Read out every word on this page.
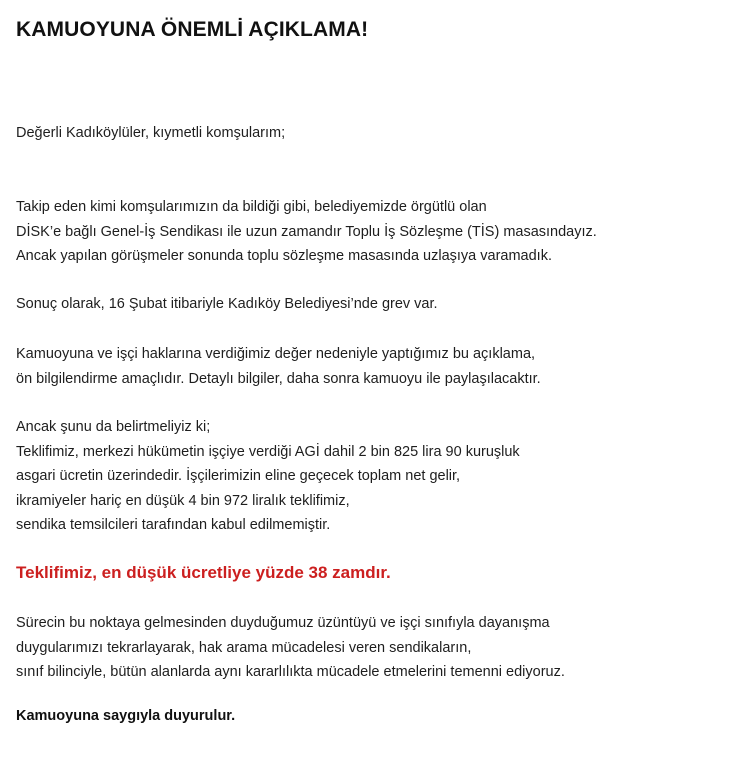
KAMUOYUNA ÖNEMLİ AÇIKLAMA!

Değerli Kadıköylüler, kıymetli komşularım;

Takip eden kimi komşularımızın da bildiği gibi, belediyemizde örgütlü olan
DİSK’e bağlı Genel-İş Sendikası ile uzun zamandır Toplu İş Sözleşme (TİS) masasındayız.
Ancak yapılan görüşmeler sonunda toplu sözleşme masasında uzlaşıya varamadık.

Sonuç olarak, 16 Şubat itibariyle Kadıköy Belediyesi’nde grev var.

Kamuoyuna ve işçi haklarına verdiğimiz değer nedeniyle yaptığımız bu açıklama,
ön bilgilendirme amaçlıdır. Detaylı bilgiler, daha sonra kamuoyu ile paylaşılacaktır.

Ancak şunu da belirtmeliyiz ki;
Teklifimiz, merkezi hükümetin işçiye verdiği AGİ dahil 2 bin 825 lira 90 kuruşluk
asgari ücretin üzerindedir. İşçilerimizin eline geçecek toplam net gelir,
ikramiyeler hariç en düşük 4 bin 972 liralık teklifimiz,
sendika temsilcileri tarafından kabul edilmemiştir.

Teklifimiz, en düşük ücretliye yüzde 38 zamdır.

Sürecin bu noktaya gelmesinden duyduğumuz üzüntüyü ve işçi sınıfıyla dayanışma
duygularımızı tekrarlayarak, hak arama mücadelesi veren sendikaların,
sınıf bilinciyle, bütün alanlarda aynı kararlılıkta mücadele etmelerini temenni ediyoruz.

Kamuoyuna saygıyla duyurulur.
